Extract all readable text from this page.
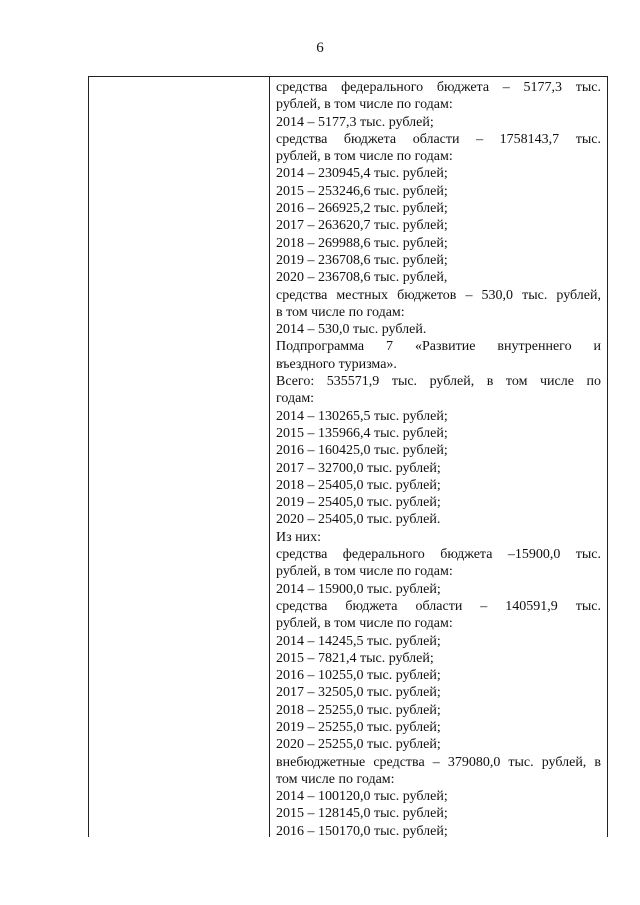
6
средства федерального бюджета – 5177,3 тыс.
рублей, в том числе по годам:
2014 – 5177,3 тыс. рублей;
средства бюджета области – 1758143,7 тыс.
рублей, в том числе по годам:
2014 – 230945,4 тыс. рублей;
2015 – 253246,6 тыс. рублей;
2016 – 266925,2 тыс. рублей;
2017 – 263620,7 тыс. рублей;
2018 – 269988,6 тыс. рублей;
2019 – 236708,6 тыс. рублей;
2020 – 236708,6 тыс. рублей,
средства местных бюджетов – 530,0 тыс. рублей,
в том числе по годам:
2014 – 530,0 тыс. рублей.
Подпрограмма 7 «Развитие внутреннего и
въездного туризма».
Всего: 535571,9 тыс. рублей, в том числе по
годам:
2014 – 130265,5 тыс. рублей;
2015 – 135966,4 тыс. рублей;
2016 – 160425,0 тыс. рублей;
2017 – 32700,0 тыс. рублей;
2018 – 25405,0 тыс. рублей;
2019 – 25405,0 тыс. рублей;
2020 – 25405,0 тыс. рублей.
Из них:
средства федерального бюджета –15900,0 тыс.
рублей, в том числе по годам:
2014 – 15900,0 тыс. рублей;
средства бюджета области – 140591,9 тыс.
рублей, в том числе по годам:
2014 – 14245,5 тыс. рублей;
2015 – 7821,4 тыс. рублей;
2016 – 10255,0 тыс. рублей;
2017 – 32505,0 тыс. рублей;
2018 – 25255,0 тыс. рублей;
2019 – 25255,0 тыс. рублей;
2020 – 25255,0 тыс. рублей;
внебюджетные средства – 379080,0 тыс. рублей, в
том числе по годам:
2014 – 100120,0 тыс. рублей;
2015 – 128145,0 тыс. рублей;
2016 – 150170,0 тыс. рублей;
